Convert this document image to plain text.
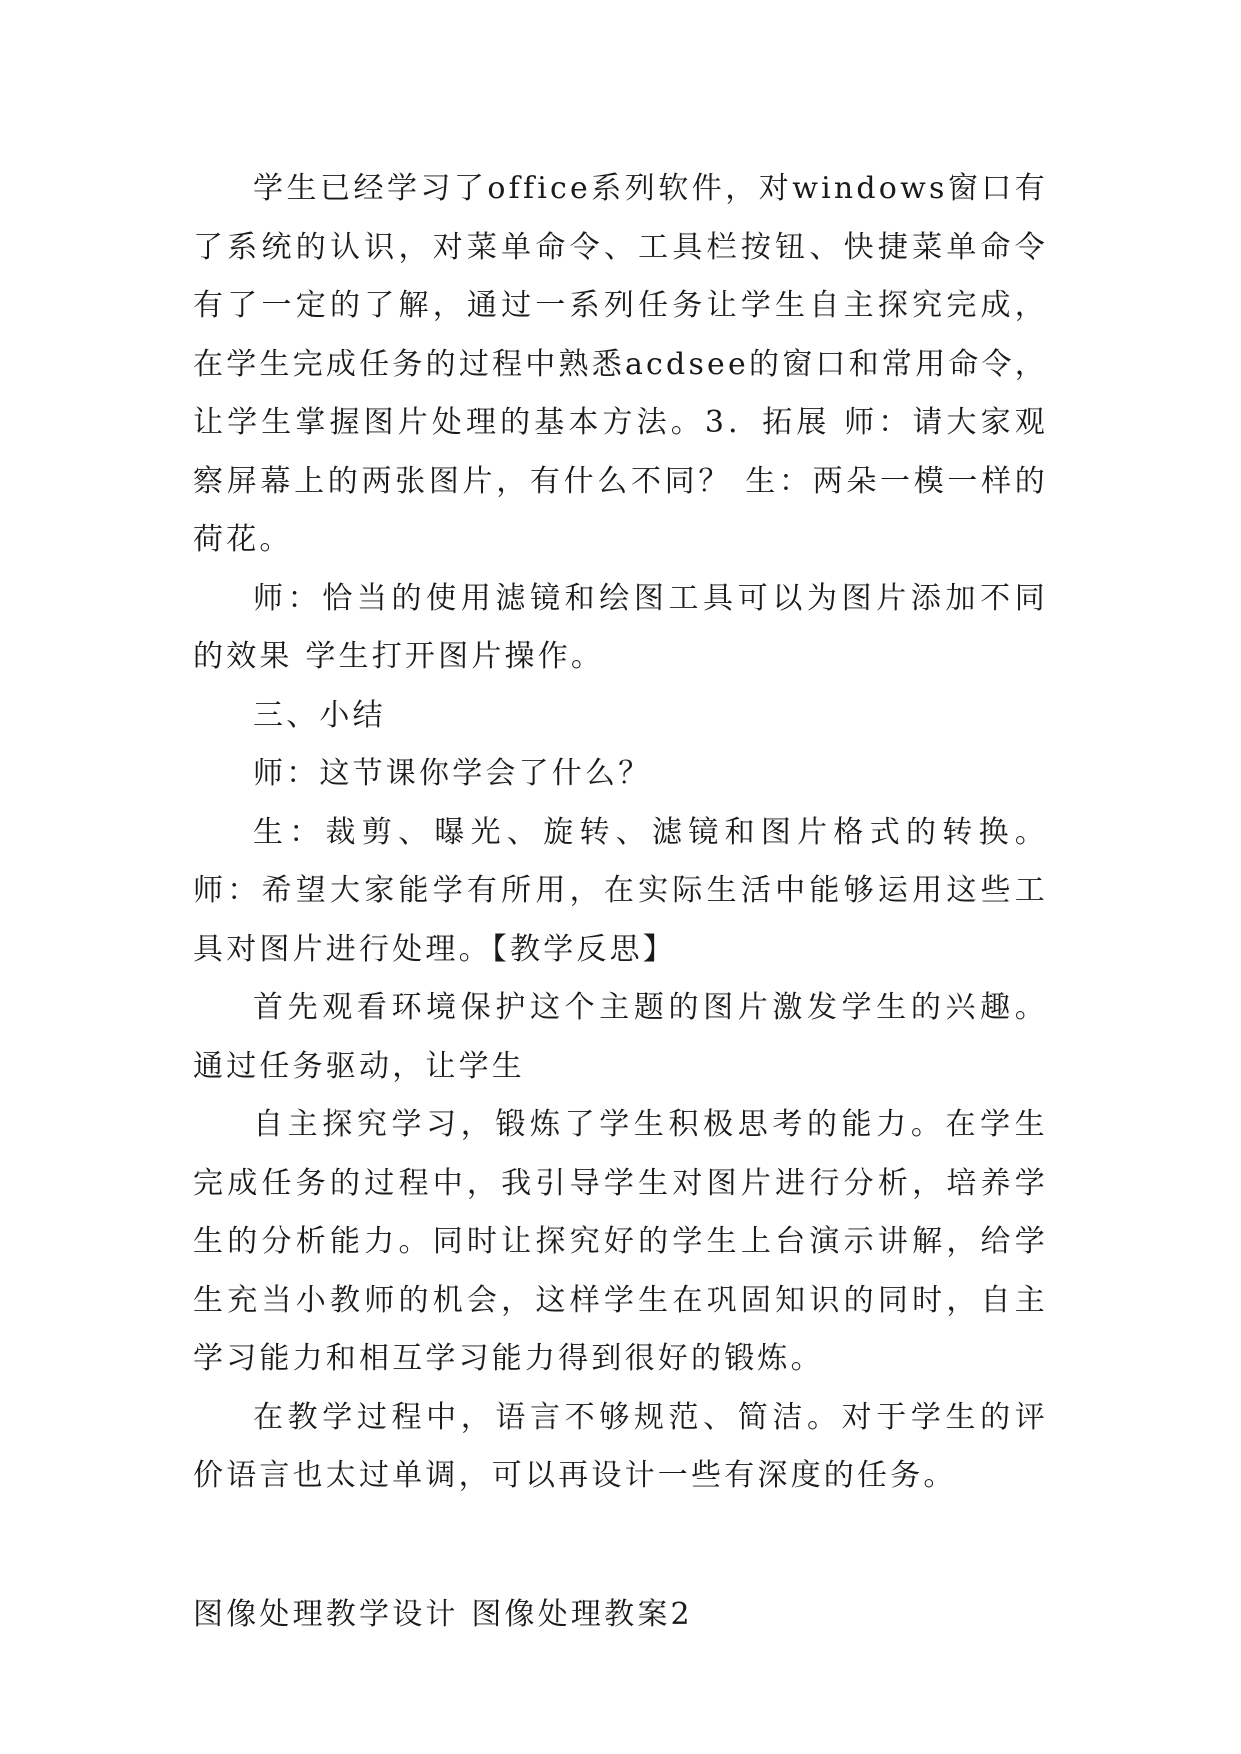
学生已经学习了office系列软件，对windows窗口有了系统的认识，对菜单命令、工具栏按钮、快捷菜单命令有了一定的了解，通过一系列任务让学生自主探究完成，在学生完成任务的过程中熟悉acdsee的窗口和常用命令，让学生掌握图片处理的基本方法。3．拓展 师：请大家观察屏幕上的两张图片，有什么不同？ 生：两朵一模一样的荷花。

师：恰当的使用滤镜和绘图工具可以为图片添加不同的效果 学生打开图片操作。

三、小结

师：这节课你学会了什么？

生：裁剪、曝光、旋转、滤镜和图片格式的转换。师：希望大家能学有所用，在实际生活中能够运用这些工具对图片进行处理。【教学反思】

首先观看环境保护这个主题的图片激发学生的兴趣。通过任务驱动，让学生

自主探究学习，锻炼了学生积极思考的能力。在学生完成任务的过程中，我引导学生对图片进行分析，培养学生的分析能力。同时让探究好的学生上台演示讲解，给学生充当小教师的机会，这样学生在巩固知识的同时，自主学习能力和相互学习能力得到很好的锻炼。

在教学过程中，语言不够规范、简洁。对于学生的评价语言也太过单调，可以再设计一些有深度的任务。

图像处理教学设计 图像处理教案2
